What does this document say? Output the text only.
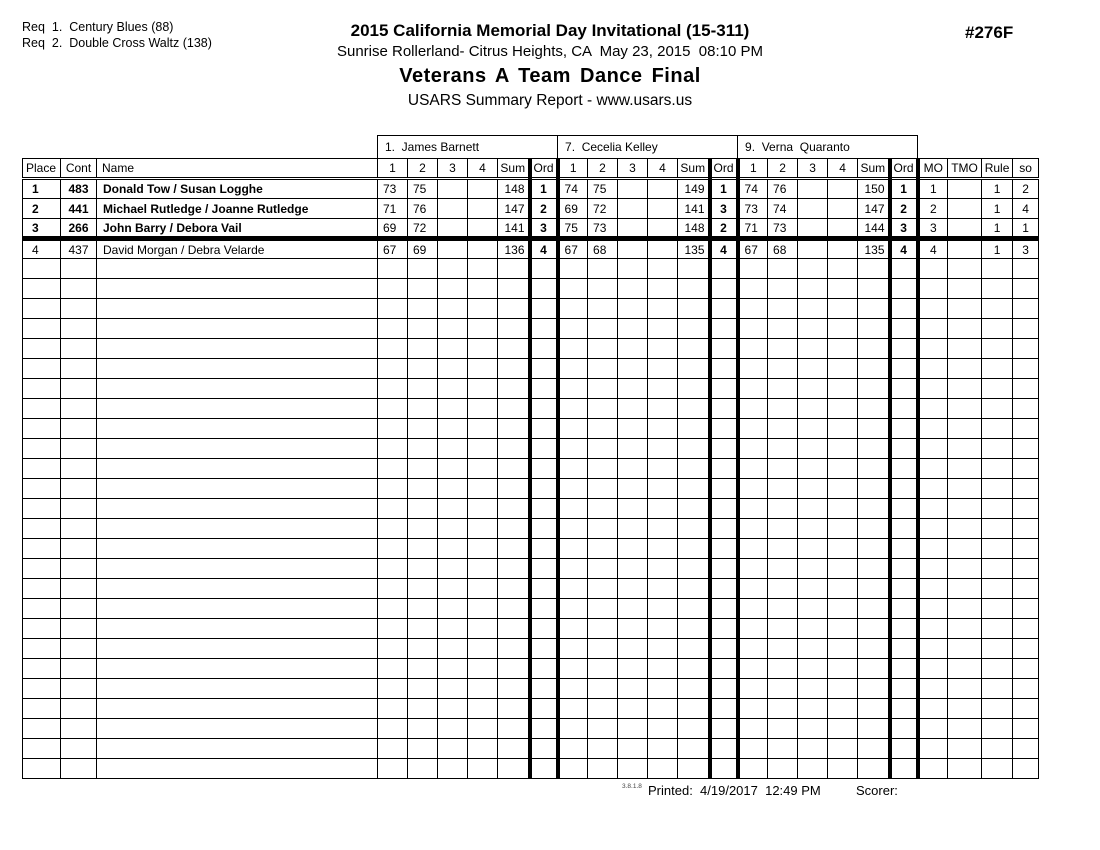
Req  1.  Century Blues (88)
Req  2.  Double Cross Waltz (138)
2015 California Memorial Day Invitational (15-311)
Sunrise Rollerland- Citrus Heights, CA  May 23, 2015  08:10 PM
Veterans A Team Dance Final
USARS Summary Report - www.usars.us
#276F
			1.  James Barnett						7.  Cecelia Kelley						9.  Verna  Quaranto									
Place	Cont	Name	1	2	3	4	Sum	Ord	1	2	3	4	Sum	Ord	1	2	3	4	Sum	Ord	MO	TMO	Rule	so
1	483	Donald Tow / Susan Logghe	73	75			148	1	74	75			149	1	74	76			150	1	1		1	2
2	441	Michael Rutledge / Joanne Rutledge	71	76			147	2	69	72			141	3	73	74			147	2	2		1	4
3	266	John Barry / Debora Vail	69	72			141	3	75	73			148	2	71	73			144	3	3		1	1
4	437	David Morgan / Debra Velarde	67	69			136	4	67	68			135	4	67	68			135	4	4		1	3

3.8.1.8 Printed:  4/19/2017  12:49 PM	Scorer:
